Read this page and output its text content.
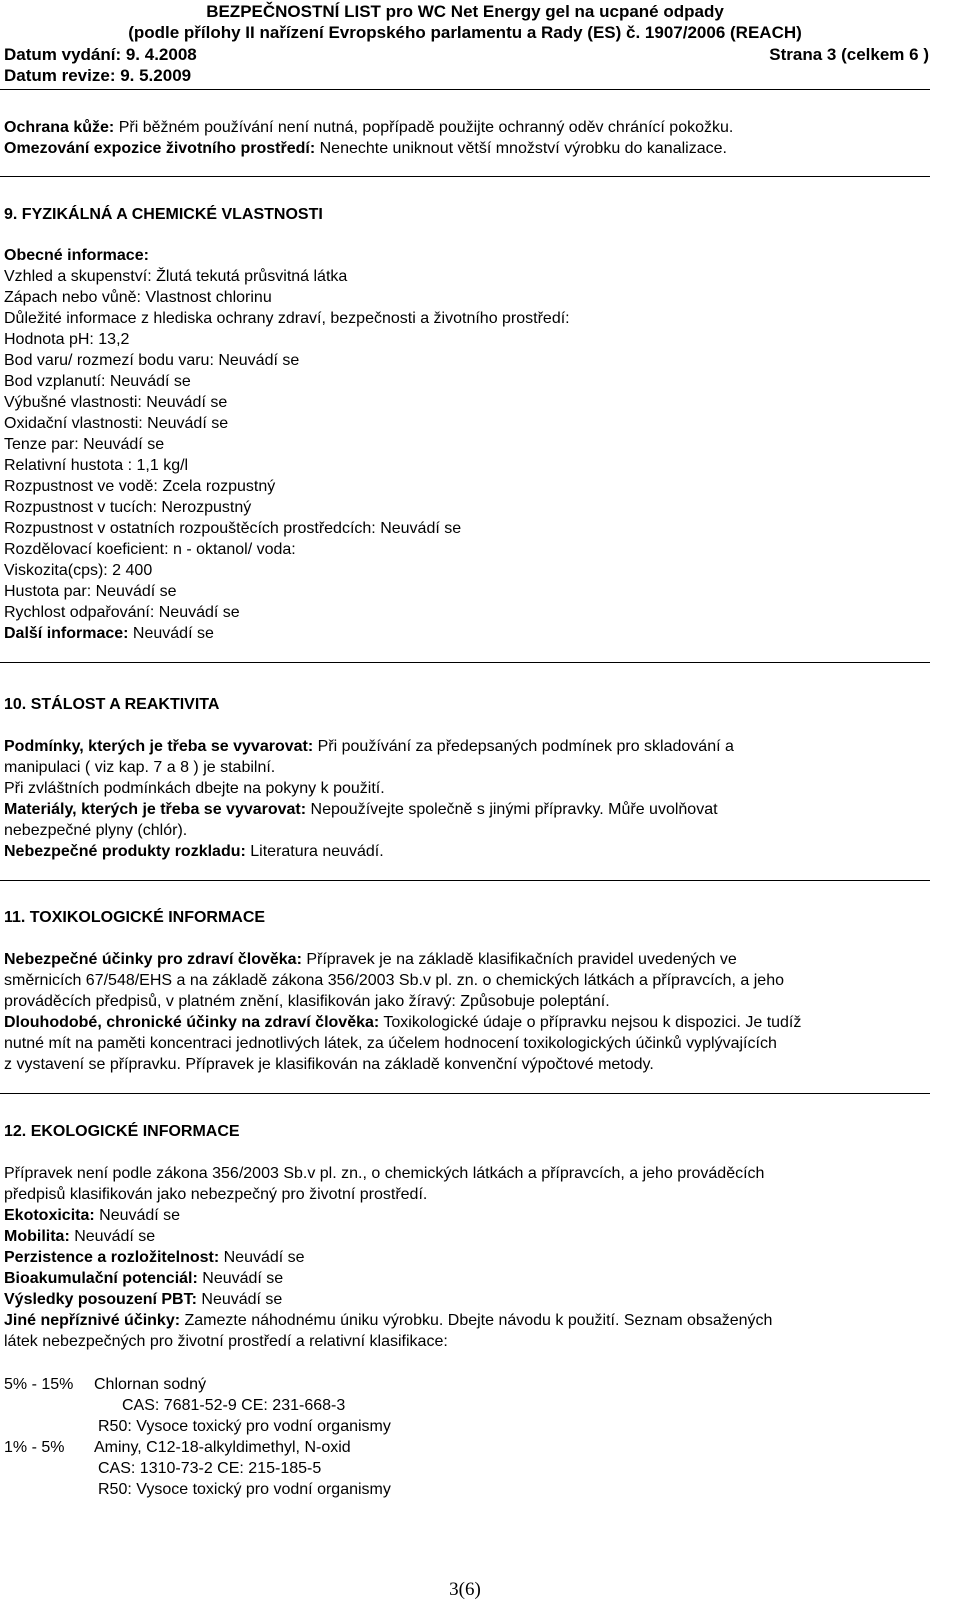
BEZPEČNOSTNÍ LIST pro WC Net Energy gel na ucpané odpady
(podle přílohy II nařízení Evropského parlamentu a Rady (ES) č. 1907/2006 (REACH)
Datum vydání: 9. 4.2008	Strana 3 (celkem 6 )
Datum revize: 9. 5.2009
Ochrana kůže: Při běžném používání není nutná, popřípadě použijte ochranný oděv chránící pokožku.
Omezování expozice životního prostředí: Nenechte uniknout větší množství výrobku do kanalizace.
9. FYZIKÁLNÁ A CHEMICKÉ VLASTNOSTI
Obecné informace:
Vzhled a skupenství: Žlutá tekutá průsvitná látka
Zápach nebo vůně: Vlastnost chlorinu
Důležité informace z hlediska ochrany zdraví, bezpečnosti a životního prostředí:
Hodnota pH: 13,2
Bod varu/ rozmezí bodu varu: Neuvádí se
Bod vzplanutí: Neuvádí se
Výbušné vlastnosti: Neuvádí se
Oxidační vlastnosti: Neuvádí se
Tenze par: Neuvádí se
Relativní hustota : 1,1 kg/l
Rozpustnost ve vodě: Zcela rozpustný
Rozpustnost v tucích: Nerozpustný
Rozpustnost v ostatních rozpouštěcích prostředcích: Neuvádí se
Rozdělovací koeficient: n - oktanol/ voda:
Viskozita(cps): 2 400
Hustota par: Neuvádí se
Rychlost odpařování: Neuvádí se
Další informace: Neuvádí se
10. STÁLOST A REAKTIVITA
Podmínky, kterých je třeba se vyvarovat: Při používání za předepsaných podmínek pro skladování a
manipulaci ( viz kap. 7 a 8 ) je stabilní.
Při zvláštních podmínkách dbejte na pokyny k použití.
Materiály, kterých je třeba se vyvarovat: Nepoužívejte společně s jinými přípravky. Můře uvolňovat
nebezpečné plyny (chlór).
Nebezpečné produkty rozkladu: Literatura neuvádí.
11. TOXIKOLOGICKÉ INFORMACE
Nebezpečné účinky pro zdraví člověka: Přípravek je na základě klasifikačních pravidel uvedených ve
směrnicích 67/548/EHS a na základě zákona 356/2003 Sb.v pl. zn. o chemických látkách a přípravcích, a jeho
prováděcích předpisů, v platném znění, klasifikován jako žíravý: Způsobuje poleptání.
Dlouhodobé, chronické účinky na zdraví člověka: Toxikologické údaje o přípravku nejsou k dispozici. Je tudíž
nutné mít na paměti koncentraci jednotlivých látek, za účelem hodnocení toxikologických účinků vyplývajících
z vystavení se přípravku. Přípravek je klasifikován na základě konvenční výpočtové metody.
12. EKOLOGICKÉ INFORMACE
Přípravek není podle zákona 356/2003 Sb.v pl. zn., o chemických látkách a přípravcích, a jeho prováděcích
předpisů klasifikován jako nebezpečný pro životní prostředí.
Ekotoxicita: Neuvádí se
Mobilita: Neuvádí se
Perzistence a rozložitelnost: Neuvádí se
Bioakumulační potenciál: Neuvádí se
Výsledky posouzení PBT: Neuvádí se
Jiné nepříznivé účinky: Zamezte náhodnému úniku výrobku. Dbejte návodu k použití. Seznam obsažených
látek nebezpečných pro životní prostředí a relativní klasifikace:
5% - 15% Chlornan sodný
CAS: 7681-52-9 CE: 231-668-3
R50: Vysoce toxický pro vodní organismy
1% - 5% Aminy, C12-18-alkyldimethyl, N-oxid
CAS: 1310-73-2 CE: 215-185-5
R50: Vysoce toxický pro vodní organismy
3(6)
